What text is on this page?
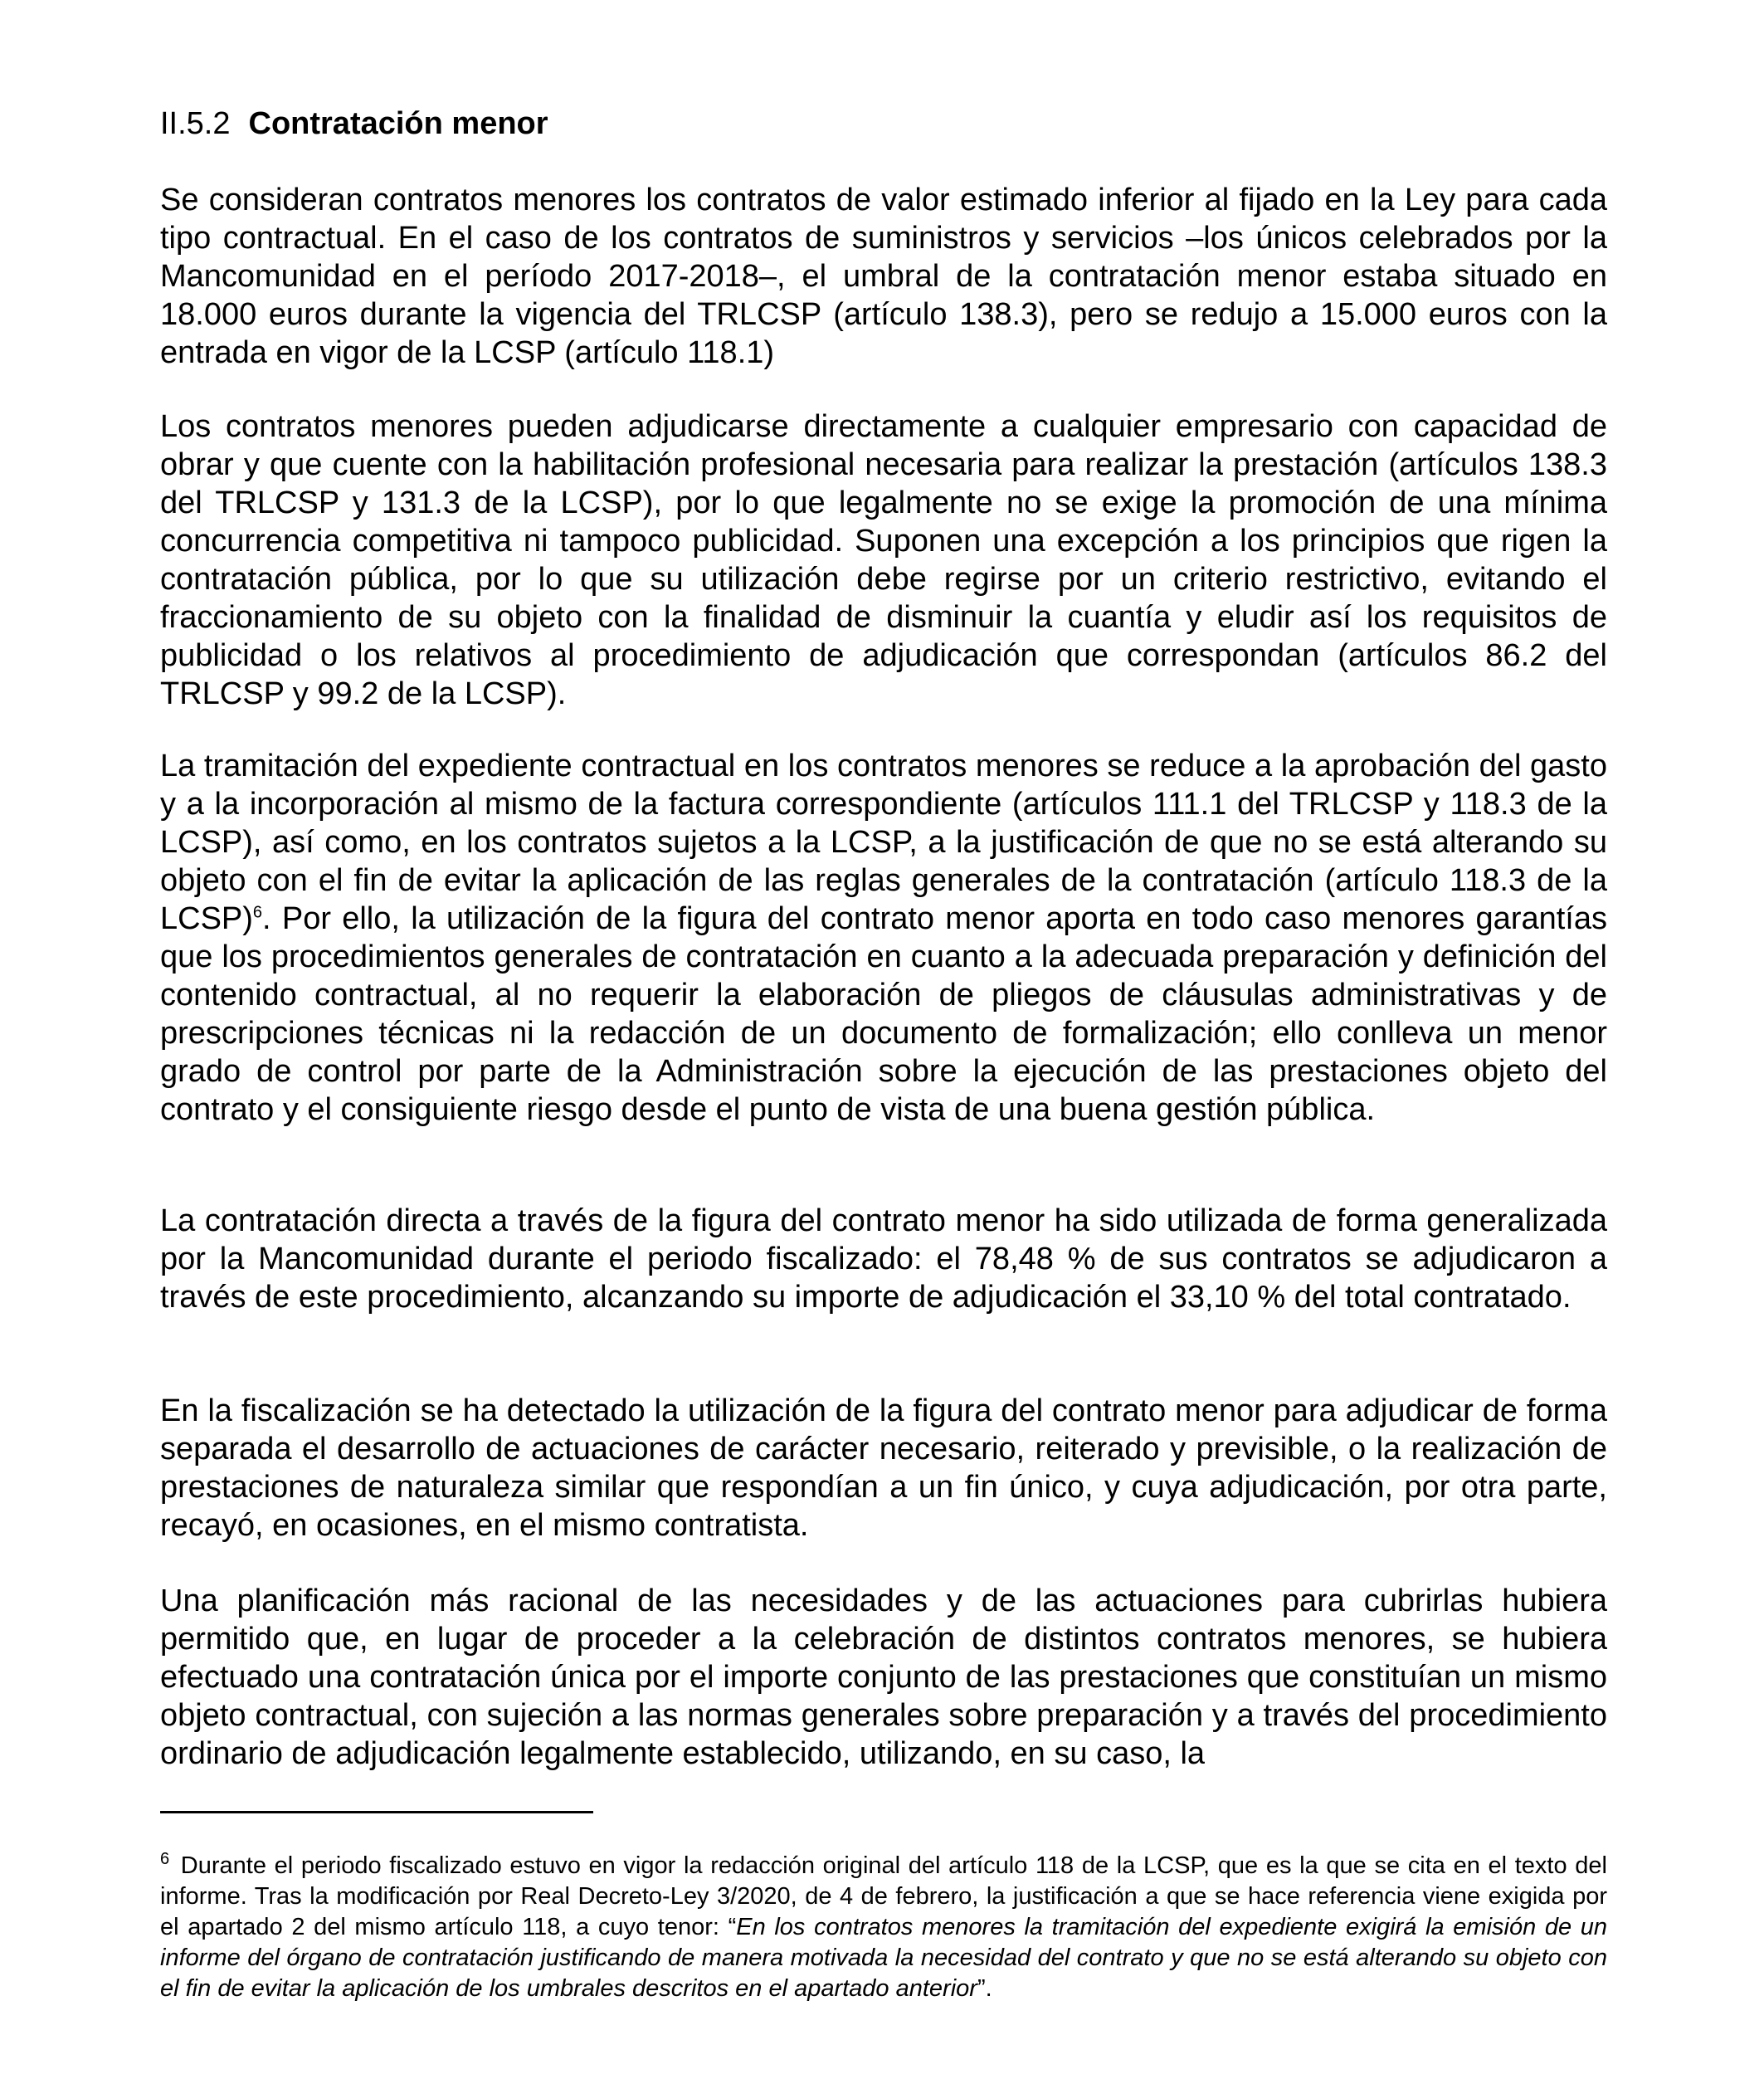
II.5.2 Contratación menor

Se consideran contratos menores los contratos de valor estimado inferior al fijado en la Ley para cada tipo contractual. En el caso de los contratos de suministros y servicios –los únicos celebrados por la Mancomunidad en el período 2017-2018–, el umbral de la contratación menor estaba situado en 18.000 euros durante la vigencia del TRLCSP (artículo 138.3), pero se redujo a 15.000 euros con la entrada en vigor de la LCSP (artículo 118.1)

Los contratos menores pueden adjudicarse directamente a cualquier empresario con capacidad de obrar y que cuente con la habilitación profesional necesaria para realizar la prestación (artículos 138.3 del TRLCSP y 131.3 de la LCSP), por lo que legalmente no se exige la promoción de una mínima concurrencia competitiva ni tampoco publicidad. Suponen una excepción a los principios que rigen la contratación pública, por lo que su utilización debe regirse por un criterio restrictivo, evitando el fraccionamiento de su objeto con la finalidad de disminuir la cuantía y eludir así los requisitos de publicidad o los relativos al procedimiento de adjudicación que correspondan (artículos 86.2 del TRLCSP y 99.2 de la LCSP).

La tramitación del expediente contractual en los contratos menores se reduce a la aprobación del gasto y a la incorporación al mismo de la factura correspondiente (artículos 111.1 del TRLCSP y 118.3 de la LCSP), así como, en los contratos sujetos a la LCSP, a la justificación de que no se está alterando su objeto con el fin de evitar la aplicación de las reglas generales de la contratación (artículo 118.3 de la LCSP)$^6$. Por ello, la utilización de la figura del contrato menor aporta en todo caso menores garantías que los procedimientos generales de contratación en cuanto a la adecuada preparación y definición del contenido contractual, al no requerir la elaboración de pliegos de cláusulas administrativas y de prescripciones técnicas ni la redacción de un documento de formalización; ello conlleva un menor grado de control por parte de la Administración sobre la ejecución de las prestaciones objeto del contrato y el consiguiente riesgo desde el punto de vista de una buena gestión pública.

La contratación directa a través de la figura del contrato menor ha sido utilizada de forma generalizada por la Mancomunidad durante el periodo fiscalizado: el 78,48 % de sus contratos se adjudicaron a través de este procedimiento, alcanzando su importe de adjudicación el 33,10 % del total contratado.

En la fiscalización se ha detectado la utilización de la figura del contrato menor para adjudicar de forma separada el desarrollo de actuaciones de carácter necesario, reiterado y previsible, o la realización de prestaciones de naturaleza similar que respondían a un fin único, y cuya adjudicación, por otra parte, recayó, en ocasiones, en el mismo contratista.

Una planificación más racional de las necesidades y de las actuaciones para cubrirlas hubiera permitido que, en lugar de proceder a la celebración de distintos contratos menores, se hubiera efectuado una contratación única por el importe conjunto de las prestaciones que constituían un mismo objeto contractual, con sujeción a las normas generales sobre preparación y a través del procedimiento ordinario de adjudicación legalmente establecido, utilizando, en su caso, la

$^6$ Durante el periodo fiscalizado estuvo en vigor la redacción original del artículo 118 de la LCSP, que es la que se cita en el texto del informe. Tras la modificación por Real Decreto-Ley 3/2020, de 4 de febrero, la justificación a que se hace referencia viene exigida por el apartado 2 del mismo artículo 118, a cuyo tenor: “En los contratos menores la tramitación del expediente exigirá la emisión de un informe del órgano de contratación justificando de manera motivada la necesidad del contrato y que no se está alterando su objeto con el fin de evitar la aplicación de los umbrales descritos en el apartado anterior”.
